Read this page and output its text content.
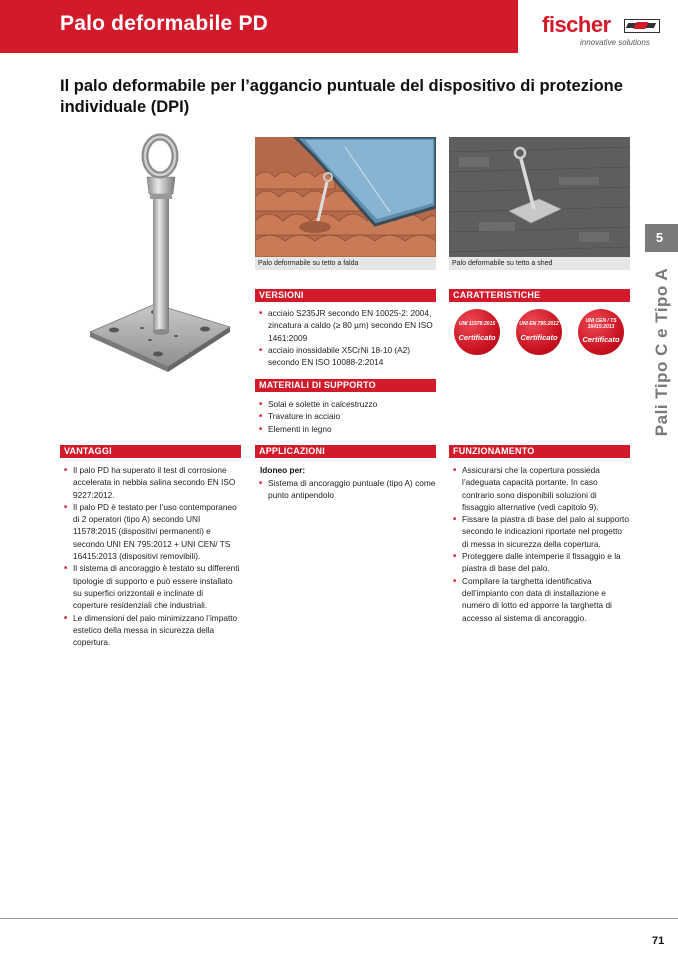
Palo deformabile PD	fischer
innovative solutions
Il palo deformabile per l’aggancio puntuale del dispositivo di protezione individuale (DPI)
Palo deformabile su tetto a falda	Palo deformabile su tetto a shed
VERSIONI
■ acciaio S235JR secondo EN 10025-2: 2004, zincatura a caldo (≥ 80 µm) secondo EN ISO 1461:2009
■ acciaio inossidabile X5CrNi 18-10 (A2) secondo EN ISO 10088-2:2014
CARATTERISTICHE
UNI 11578:2015
Certificato
UNI EN 795:2012
Certificato
UNI CEN / TS 16415:2013
Certificato
MATERIALI DI SUPPORTO
■ Solai e solette in calcestruzzo
■ Travature in acciaio
■ Elementi in legno
VANTAGGI
■ Il palo PD ha superato il test di corrosione accelerata in nebbia salina secondo EN ISO 9227:2012.
■ Il palo PD è testato per l’uso contemporaneo di 2 operatori (tipo A) secondo UNI 11578:2015 (dispositivi permanenti) e secondo UNI EN 795:2012 + UNI CEN/ TS 16415:2013 (dispositivi removibili).
■ Il sistema di ancoraggio è testato su differenti tipologie di supporto e può essere installato su superfici orizzontali e inclinate di coperture residenziali che industriali.
■ Le dimensioni del palo minimizzano l’impatto estetico della messa in sicurezza della copertura.
APPLICAZIONI
Idoneo per:
■ Sistema di ancoraggio puntuale (tipo A) come punto antipendolo
FUNZIONAMENTO
■ Assicurarsi che la copertura possieda l’adeguata capacità portante. In caso contrario sono disponibili soluzioni di fissaggio alternative (vedi capitolo 9).
■ Fissare la piastra di base del palo al supporto secondo le indicazioni riportate nel progetto di messa in sicurezza della copertura.
■ Proteggere dalle intemperie il fissaggio e la piastra di base del palo.
■ Compilare la targhetta identificativa dell’impianto con data di installazione e numero di lotto ed apporre la targhetta di accesso al sistema di ancoraggio.
5
Pali Tipo C e Tipo A
71
